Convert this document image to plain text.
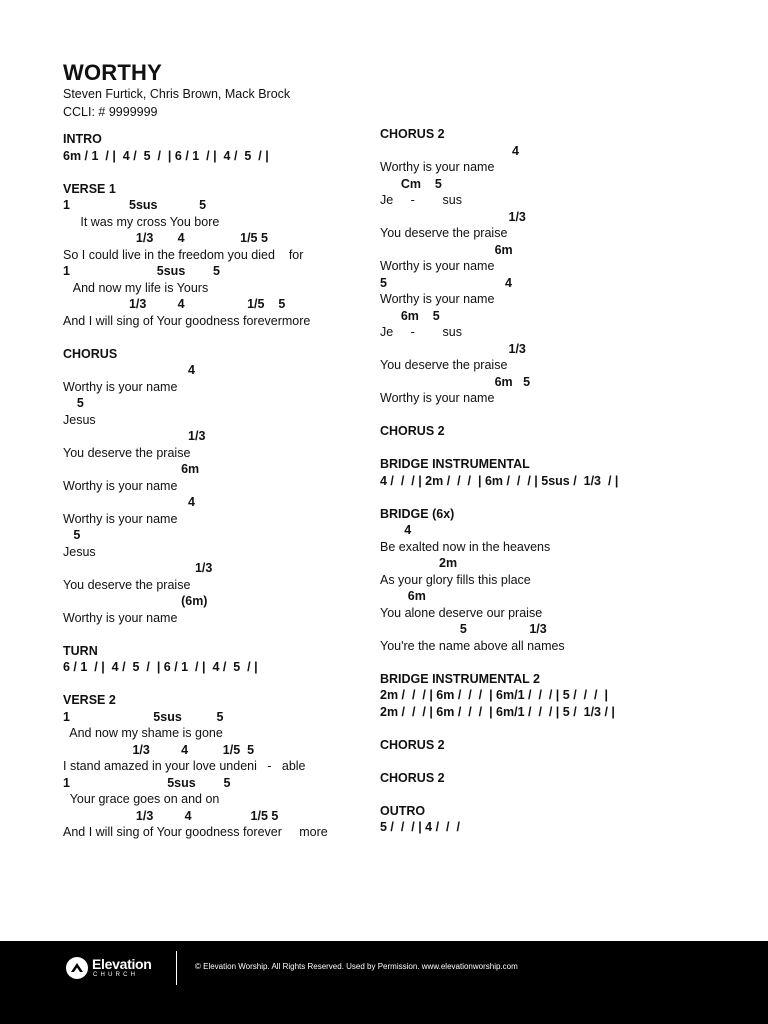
WORTHY
Steven Furtick, Chris Brown, Mack Brock
CCLI: # 9999999
INTRO
6m / 1  / |  4 /  5  /  | 6 / 1  / |  4 /  5  / |
VERSE 1
1                 5sus            5
It was my cross You bore
1/3       4                1/5 5
So I could live in the freedom you died    for
1                         5sus        5
And now my life is Yours
1/3         4                  1/5    5
And I will sing of Your goodness forevermore
CHORUS
4
Worthy is your name
5
Jesus
1/3
You deserve the praise
6m
Worthy is your name
4
Worthy is your name
5
Jesus
1/3
You deserve the praise
(6m)
Worthy is your name
TURN
6 / 1  / |  4 /  5  /  | 6 / 1  / |  4 /  5  / |
VERSE 2
1                        5sus          5
And now my shame is gone
1/3         4          1/5  5
I stand amazed in your love undeni   -   able
1                            5sus        5
Your grace goes on and on
1/3         4                 1/5 5
And I will sing of Your goodness forever     more
CHORUS 2
4
Worthy is your name
Cm    5
Je     -        sus
1/3
You deserve the praise
6m
Worthy is your name
5                                  4
Worthy is your name
6m    5
Je     -        sus
1/3
You deserve the praise
6m   5
Worthy is your name
CHORUS 2
BRIDGE INSTRUMENTAL
4 /  /  / | 2m /  /  /  | 6m /  /  / | 5sus /  1/3  / |
BRIDGE (6x)
4
Be exalted now in the heavens
2m
As your glory fills this place
6m
You alone deserve our praise
5                  1/3
You're the name above all names
BRIDGE INSTRUMENTAL 2
2m /  /  / | 6m /  /  /  | 6m/1 /  /  / | 5 /  /  /  |
2m /  /  / | 6m /  /  /  | 6m/1 /  /  / | 5 /  1/3 / |
CHORUS 2
CHORUS 2
OUTRO
5 /  /  / | 4 /  /  /
Elevation
CHURCH
© Elevation Worship. All Rights Reserved. Used by Permission. www.elevationworship.com
